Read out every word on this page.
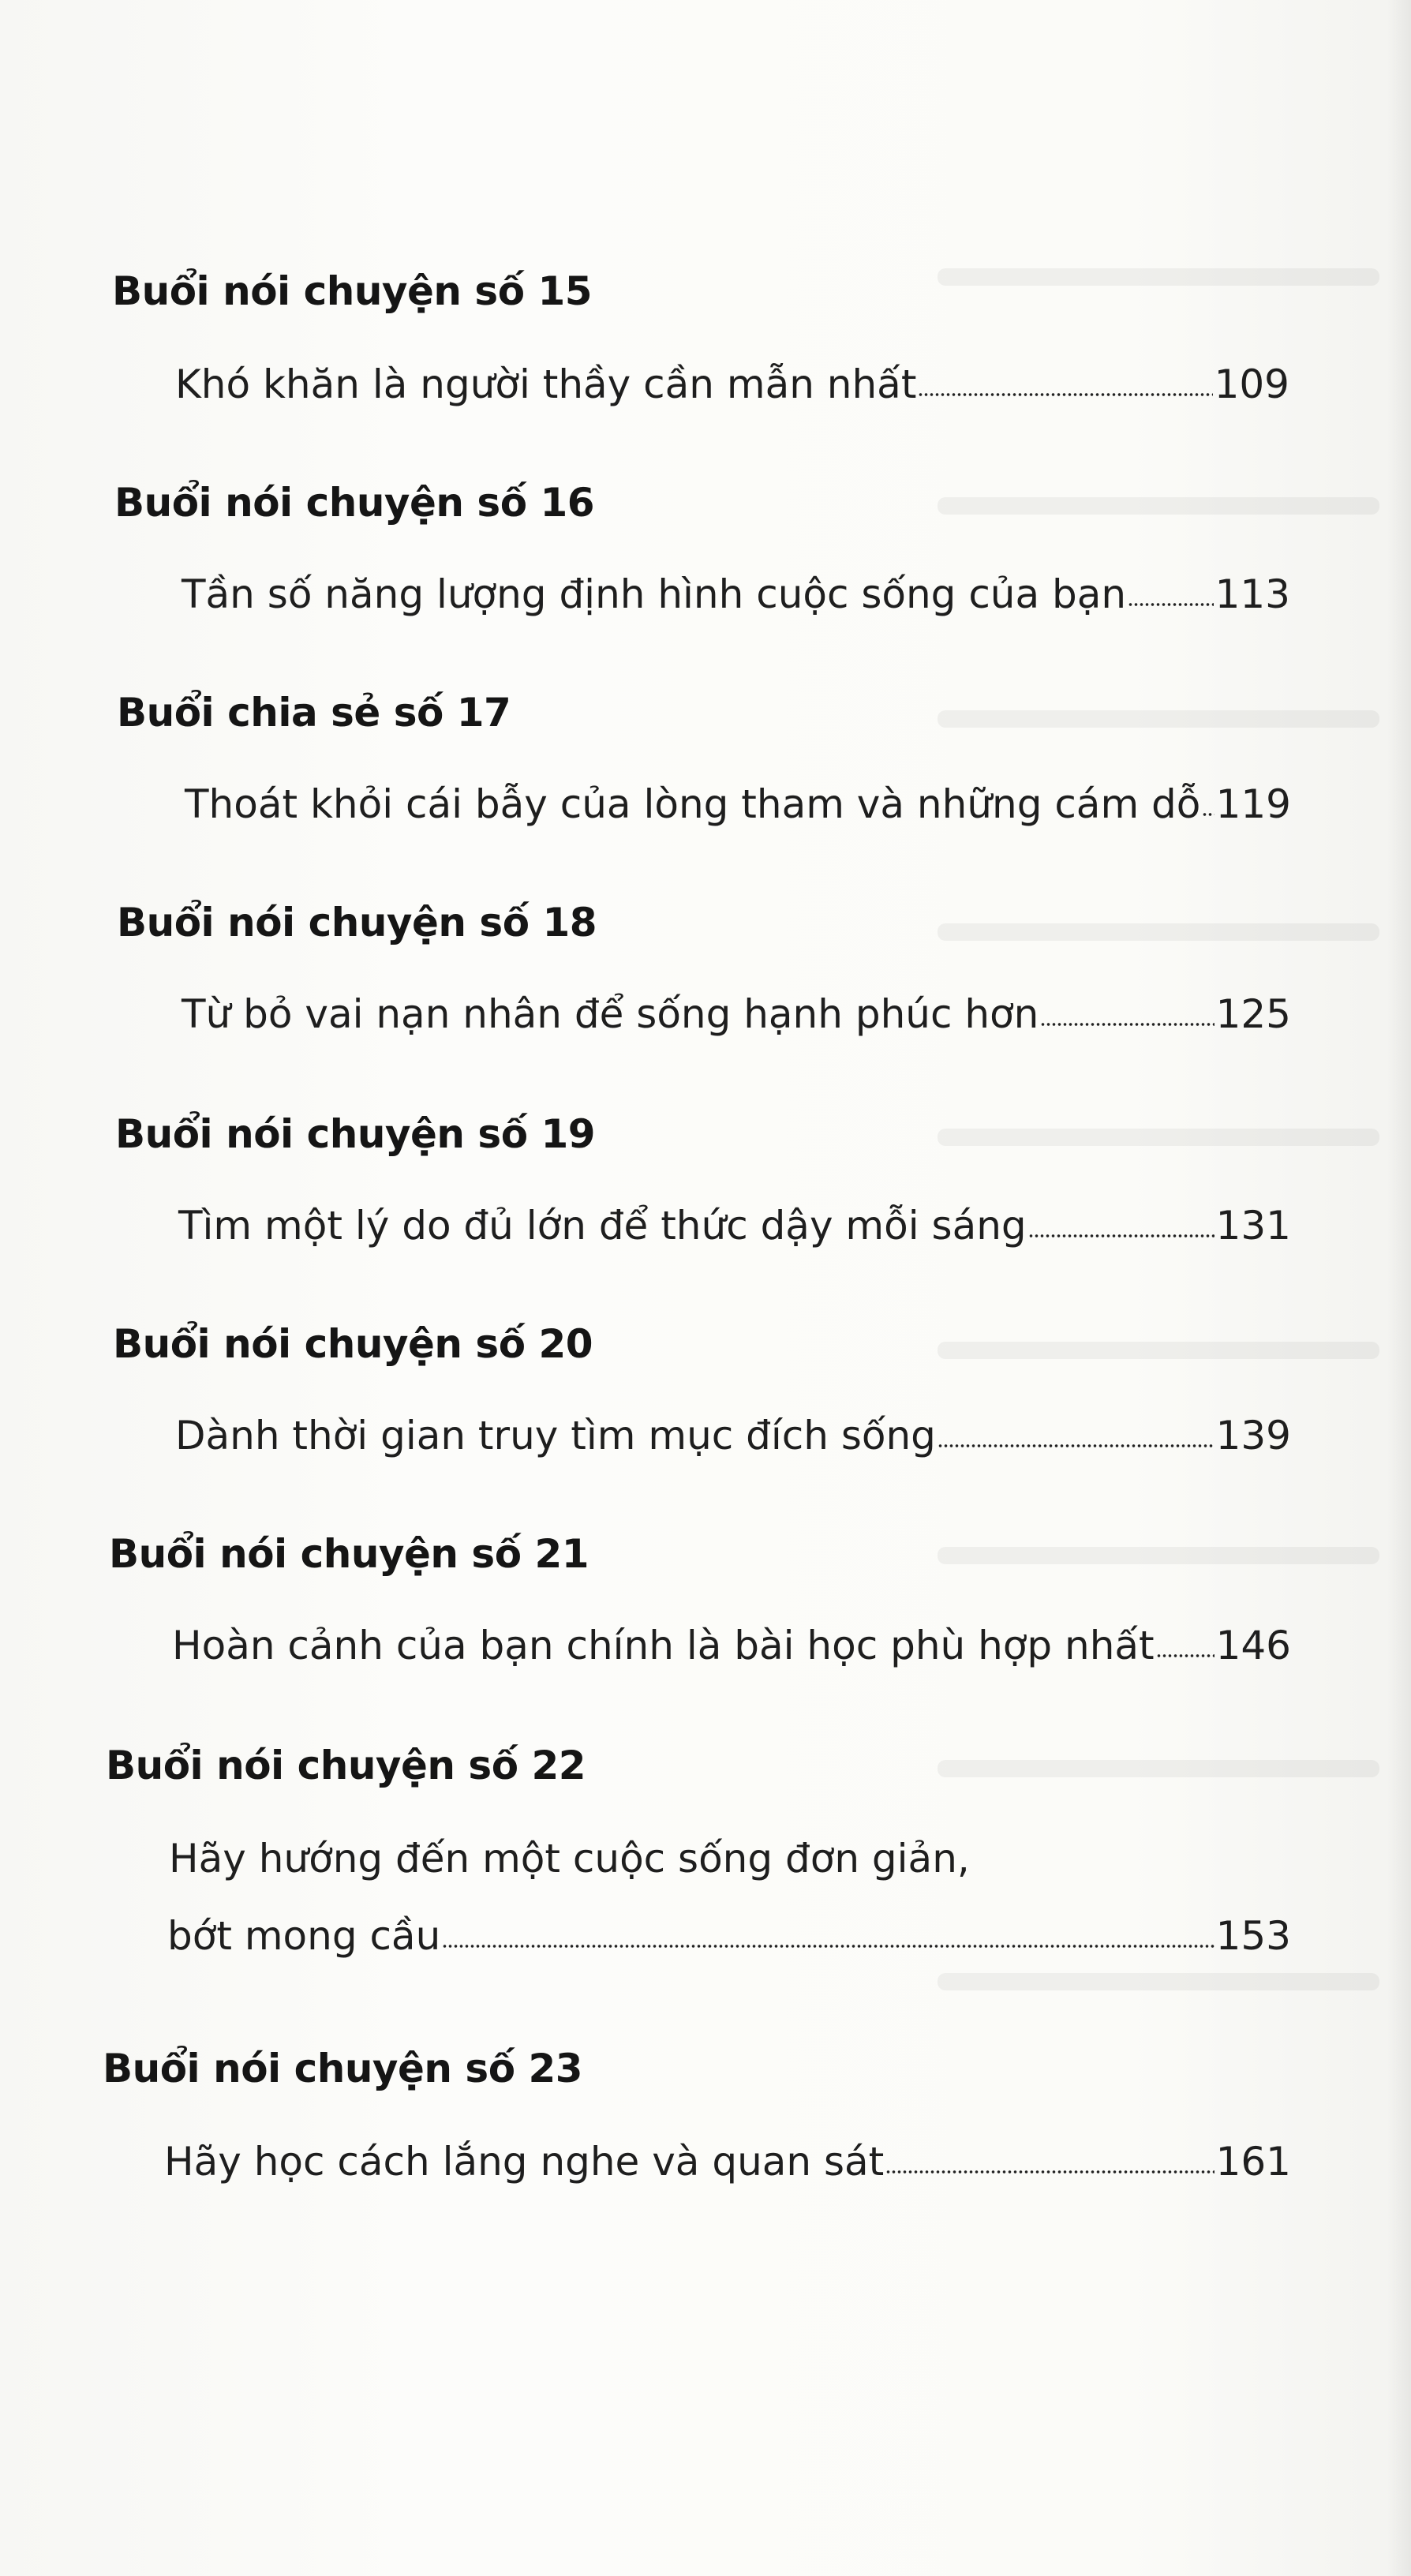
Buổi nói chuyện số 15
Khó khăn là người thầy cần mẫn nhất	109
Buổi nói chuyện số 16
Tần số năng lượng định hình cuộc sống của bạn 113
Buổi chia sẻ số 17
Thoát khỏi cái bẫy của lòng tham và những cám dỗ 119
Buổi nói chuyện số 18
Từ bỏ vai nạn nhân để sống hạnh phúc hơn	125
Buổi nói chuyện số 19
Tìm một lý do đủ lớn để thức dậy mỗi sáng	131
Buổi nói chuyện số 20
Dành thời gian truy tìm mục đích sống	139
Buổi nói chuyện số 21
Hoàn cảnh của bạn chính là bài học phù hợp nhất 146
Buổi nói chuyện số 22
Hãy hướng đến một cuộc sống đơn giản,
bớt mong cầu	153
Buổi nói chuyện số 23
Hãy học cách lắng nghe và quan sát	161
